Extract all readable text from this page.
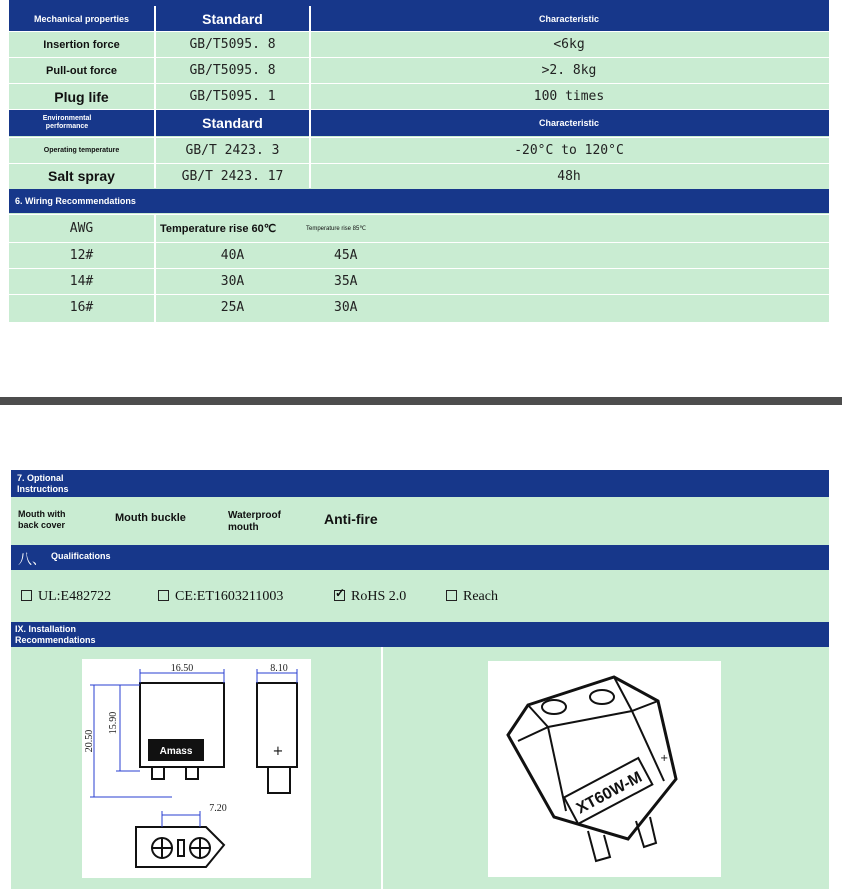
Mechanical properties	Standard	Characteristic
Insertion force	GB/T5095. 8	<6kg
Pull-out force	GB/T5095. 8	>2. 8kg
Plug life	GB/T5095. 1	100 times
Environmental performance	Standard	Characteristic
Operating temperature	GB/T 2423. 3	-20°C to 120°C
Salt spray	GB/T 2423. 17	48h
6. Wiring Recommendations
AWG	Temperature rise 60℃	Temperature rise 85℃
12#	40A	45A
14#	30A	35A
16#	25A	30A
7. Optional Instructions
Mouth with back cover
Mouth buckle	Waterproof mouth
Anti-fire
八、 Qualifications
UL:E482722	CE:ET1603211003
✓	RoHS 2.0	Reach
IX. Installation Recommendations
Amass
16.50
20.50
15.90
+
8.10
7.20	XT60W-M
+
